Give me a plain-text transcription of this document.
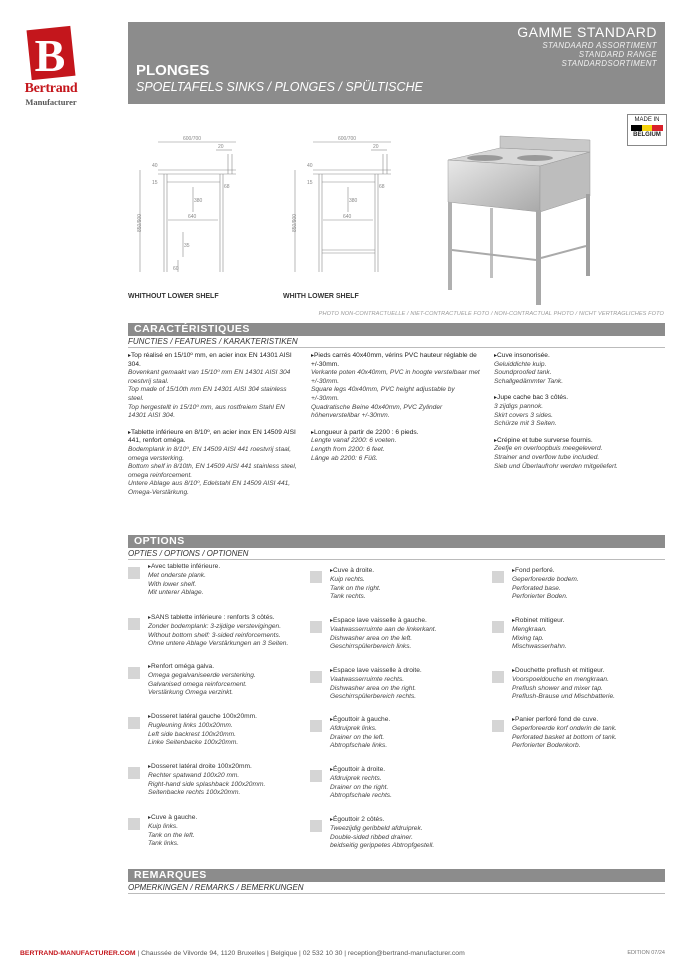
B
Bertrand
Manufacturer
GAMME STANDARD
STANDAARD ASSORTIMENT
STANDARD RANGE
STANDARDSORTIMENT
PLONGES
SPOELTAFELS SINKS / PLONGES / SPÜLTISCHE
MADE IN
BELGIUM
600/700
20
40
15
380
68
640
850/900
35
60
WHITHOUT LOWER SHELF
600/700
20
40
15
380
68
640
850/900
WHITH LOWER SHELF
PHOTO NON-CONTRACTUELLE / NIET-CONTRACTUELE FOTO / NON-CONTRACTUAL PHOTO / NICHT VERTRAGLICHES FOTO
CARACTÉRISTIQUES
FUNCTIES / FEATURES / KARAKTERISTIKEN
▸ Top réalisé en 15/10º mm, en acier inox EN 14301 AISI 304.
Bovenkant gemaakt van 15/10º mm EN 14301 AISI 304 roestvrij staal.
Top made of 15/10th mm EN 14301 AISI 304 stainless steel.
Top hergestellt in 15/10º mm, aus rostfreiem Stahl EN 14301 AISI 304.
▸ Tablette inférieure en 8/10º, en acier inox EN 14509 AISI 441, renfort oméga.
Bodemplank in 8/10º, EN 14509 AISI 441 roestvrij staal, omega versterking.
Bottom shelf in 8/10th, EN 14509 AISI 441 stainless steel, omega reinforcement.
Untere Ablage aus 8/10º, Edelstahl EN 14509 AISI 441, Omega-Verstärkung.
▸ Pieds carrés 40x40mm, vérins PVC hauteur réglable de +/-30mm.
Verkante poten 40x40mm, PVC in hoogte verstelbaar met +/-30mm.
Square legs 40x40mm, PVC height adjustable by +/-30mm.
Quadratische Beine 40x40mm, PVC Zylinder höhenverstellbar +/-30mm.
▸ Longueur à partir de 2200 : 6 pieds.
Lengte vanaf 2200: 6 voeten.
Length from 2200: 6 feet.
Länge ab 2200: 6 Füß.
▸ Cuve insonorisée.
Geluiddichte kuip.
Soundproofed tank.
Schallgedämmter Tank.
▸ Jupe cache bac 3 côtés.
3 zijdigs pannok.
Skirt covers 3 sides.
Schürze mit 3 Seiten.
▸ Crépine et tube surverse fournis.
Zeefje en overloopbuis meegeleverd.
Strainer and overflow tube included.
Sieb und Überlaufrohr werden mitgeliefert.
OPTIONS
OPTIES / OPTIONS / OPTIONEN
▸ Avec tablette inférieure.
Met onderste plank.
With lower shelf.
Mit unterer Ablage.
▸ SANS tablette inférieure : renforts 3 côtés.
Zonder bodemplank: 3-zijdige verstevigingen.
Without bottom shelf: 3-sided reinforcements.
Ohne untere Ablage Verstärkungen an 3 Seiten.
▸ Renfort oméga galva.
Omega gegalvaniseerde versterking.
Galvanised omega reinforcement.
Verstärkung Omega verzinkt.
▸ Dosseret latéral gauche 100x20mm.
Rugleuning links 100x20mm.
Left side backrest 100x20mm.
Linke Seitenbacke 100x20mm.
▸ Dosseret latéral droite 100x20mm.
Rechter spatwand 100x20 mm.
Right-hand side splashback 100x20mm.
Seitenbacke rechts 100x20mm.
▸ Cuve à gauche.
Kuip links.
Tank on the left.
Tank links.
▸ Cuve à droite.
Kuip rechts.
Tank on the right.
Tank rechts.
▸ Espace lave vaisselle à gauche.
Vaatwasserruimte aan de linkerkant.
Dishwasher area on the left.
Geschirrspülerbereich links.
▸ Espace lave vaisselle à droite.
Vaatwasserruimte rechts.
Dishwasher area on the right.
Geschirrspülerbereich rechts.
▸ Égouttoir à gauche.
Afdruiprek links.
Drainer on the left.
Abtropfschale links.
▸ Égouttoir à droite.
Afdruiprek rechts.
Drainer on the right.
Abtropfschale rechts.
▸ Égouttoir 2 côtés.
Tweezijdig geribbeld afdruiprek.
Double-sided ribbed drainer.
beidseitig gerippetes Abtropfgestell.
▸ Fond perforé.
Geperforeerde bodem.
Perforated base.
Perforierter Boden.
▸ Robinet mitigeur.
Mengkraan.
Mixing tap.
Mischwasserhahn.
▸ Douchette preflush et mitigeur.
Voorspoeldouche en mengkraan.
Preflush shower and mixer tap.
Preflush-Brause und Mischbatterie.
▸ Panier perforé fond de cuve.
Geperforeerde korf onderin de tank.
Perforated basket at bottom of tank.
Perforierter Bodenkorb.
REMARQUES
OPMERKINGEN / REMARKS / BEMERKUNGEN
BERTRAND-MANUFACTURER.COM | Chaussée de Vilvorde 94, 1120 Bruxelles | Belgique | 02 532 10 30 | reception@bertrand-manufacturer.com	EDITION 07/24
